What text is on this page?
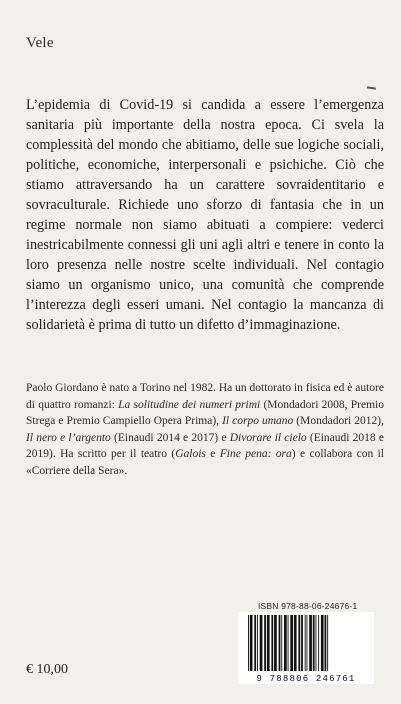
Vele
L’epidemia di Covid-19 si candida a essere l’emergenza sanitaria più importante della nostra epoca. Ci svela la complessità del mondo che abitiamo, delle sue logiche sociali, politiche, economiche, interpersonali e psichiche. Ciò che stiamo attraversando ha un carattere sovraidentitario e sovraculturale. Richiede uno sforzo di fantasia che in un regime normale non siamo abituati a compiere: vederci inestricabilmente connessi gli uni agli altri e tenere in conto la loro presenza nelle nostre scelte individuali. Nel contagio siamo un organismo unico, una comunità che comprende l’interezza degli esseri umani. Nel contagio la mancanza di solidarietà è prima di tutto un difetto d’immaginazione.
Paolo Giordano è nato a Torino nel 1982. Ha un dottorato in fisica ed è autore di quattro romanzi: La solitudine dei numeri primi (Mondadori 2008, Premio Strega e Premio Campiello Opera Prima), Il corpo umano (Mondadori 2012), Il nero e l’argento (Einaudi 2014 e 2017) e Divorare il cielo (Einaudi 2018 e 2019). Ha scritto per il teatro (Galois e Fine pena: ora) e collabora con il «Corriere della Sera».
ISBN 978-88-06-24676-1
9 788806 246761
€ 10,00
